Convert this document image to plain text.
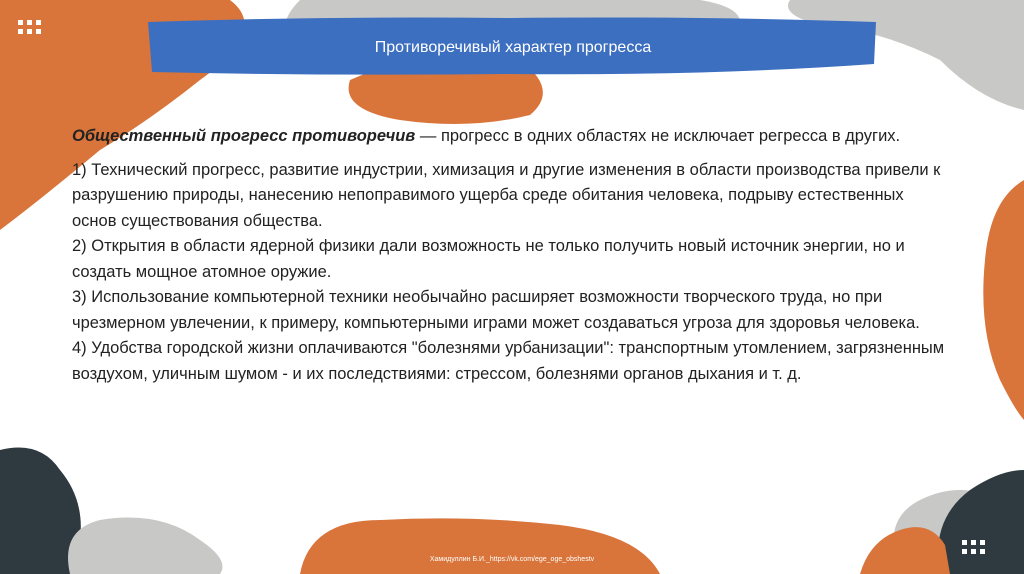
Противоречивый характер прогресса

Общественный прогресс противоречив — прогресс в одних областях не исключает регресса в других.

1) Технический прогресс, развитие индустрии, химизация и другие изменения в области производства привели к разрушению природы, нанесению непоправимого ущерба среде обитания человека, подрыву естественных основ существования общества.

2) Открытия в области ядерной физики дали возможность не только получить новый источник энергии, но и создать мощное атомное оружие.

3) Использование компьютерной техники необычайно расширяет возможности творческого труда, но при чрезмерном увлечении, к примеру, компьютерными играми может создаваться угроза для здоровья человека.

4) Удобства городской жизни оплачиваются "болезнями урбанизации": транспортным утомлением, загрязненным воздухом, уличным шумом - и их последствиями: стрессом, болезнями органов дыхания и т. д.

Хамидуллин Б.И._https://vk.com/ege_oge_obshestv
